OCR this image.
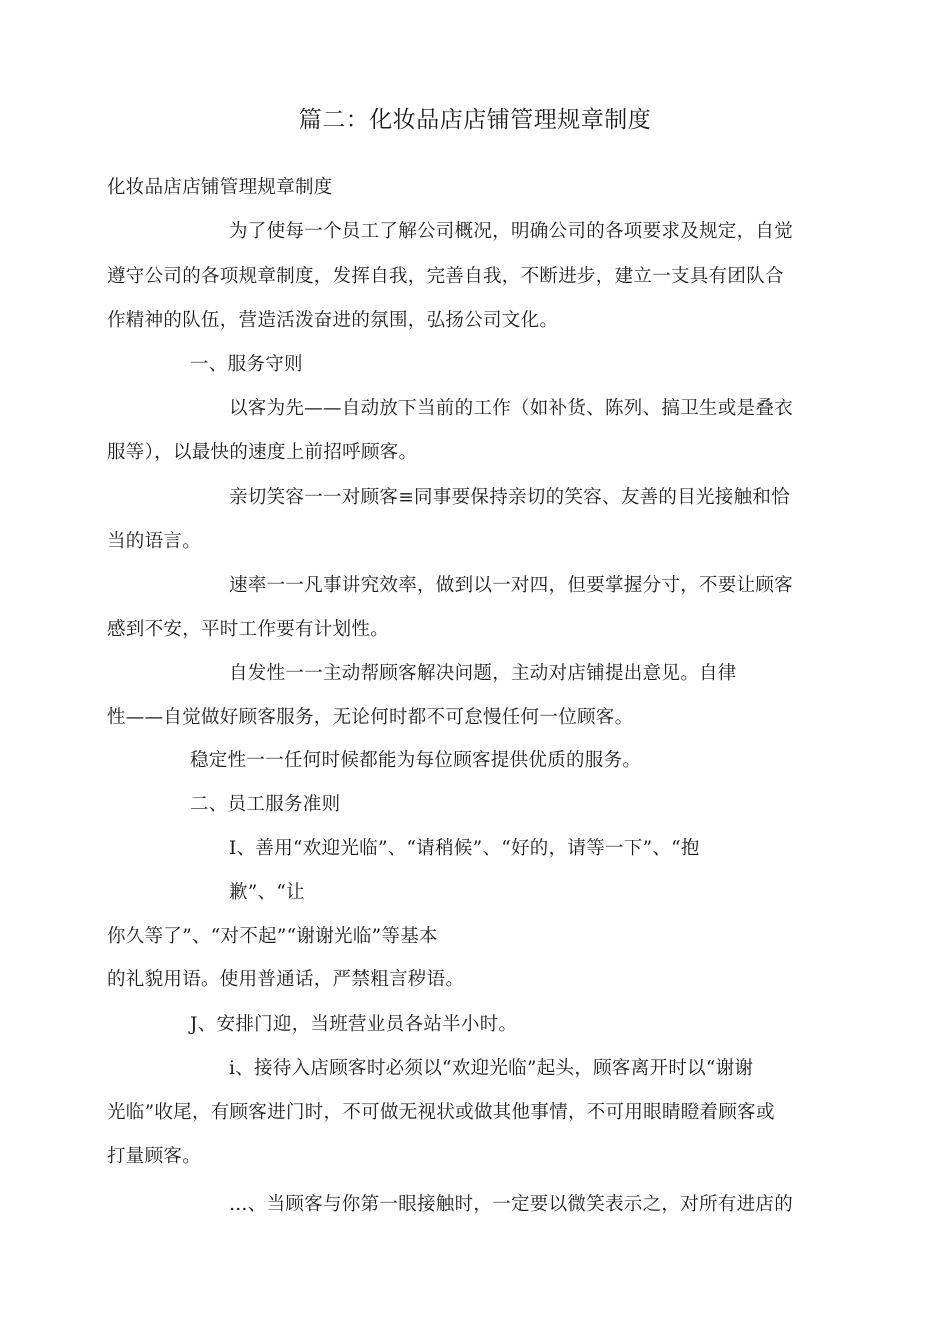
篇二：化妆品店店铺管理规章制度
化妆品店店铺管理规章制度
为了使每一个员工了解公司概况，明确公司的各项要求及规定，自觉
遵守公司的各项规章制度，发挥自我，完善自我，不断进步，建立一支具有团队合
作精神的队伍，营造活泼奋进的氛围，弘扬公司文化。
一、服务守则
以客为先——自动放下当前的工作（如补货、陈列、搞卫生或是叠衣
服等），以最快的速度上前招呼顾客。
亲切笑容一一对顾客≡同事要保持亲切的笑容、友善的目光接触和恰
当的语言。
速率一一凡事讲究效率，做到以一对四，但要掌握分寸，不要让顾客
感到不安，平时工作要有计划性。
自发性一一主动帮顾客解决问题，主动对店铺提出意见。自律
性——自觉做好顾客服务，无论何时都不可怠慢任何一位顾客。
稳定性一一任何时候都能为每位顾客提供优质的服务。
二、员工服务准则
I、善用“欢迎光临”、“请稍候”、“好的，请等一下”、“抱
歉”、“让
你久等了”、“对不起”“谢谢光临”等基本
的礼貌用语。使用普通话，严禁粗言秽语。
J、安排门迎，当班营业员各站半小时。
i、接待入店顾客时必须以“欢迎光临”起头，顾客离开时以“谢谢
光临”收尾，有顾客进门时，不可做无视状或做其他事情，不可用眼睛瞪着顾客或
打量顾客。
…、当顾客与你第一眼接触时，一定要以微笑表示之，对所有进店的
